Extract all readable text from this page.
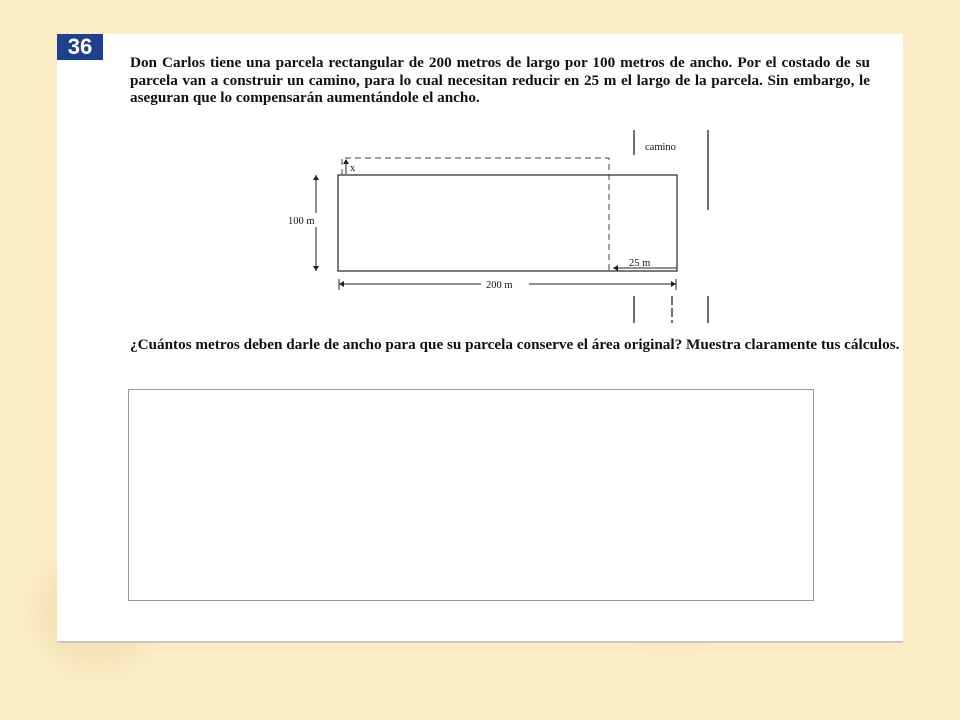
36

Don Carlos tiene una parcela rectangular de 200 metros de largo por 100 metros de ancho. Por el costado de su parcela van a construir un camino, para lo cual necesitan reducir en 25 m el largo de la parcela. Sin embargo, le aseguran que lo compensarán aumentándole el ancho.

x
100 m
25 m
200 m
camino

¿Cuántos metros deben darle de ancho para que su parcela conserve el área original? Muestra claramente tus cálculos.
